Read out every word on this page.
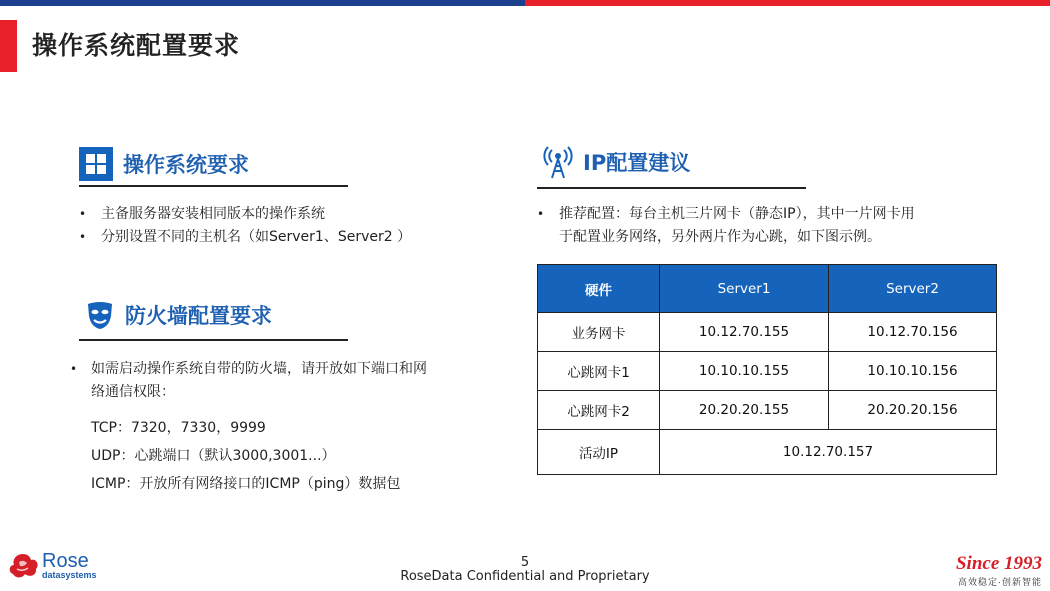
操作系统配置要求
操作系统要求
•	主备服务器安装相同版本的操作系统
•	分别设置不同的主机名（如Server1、Server2 ）
防火墙配置要求
• 如需启动操作系统自带的防火墙，请开放如下端口和网
络通信权限：
TCP：7320，7330，9999
UDP：心跳端口（默认3000,3001...）
ICMP：开放所有网络接口的ICMP（ping）数据包
IP配置建议
•	推荐配置：每台主机三片网卡（静态IP），其中一片网卡用
于配置业务网络，另外两片作为心跳，如下图示例。
硬件	Server1	Server2
业务网卡	10.12.70.155	10.12.70.156
心跳网卡1	10.10.10.155	10.10.10.156
心跳网卡2	20.20.20.155	20.20.20.156
活动IP	10.12.70.157	
Rose
datasystems
5
RoseData Confidential and Proprietary
Since 1993
高效稳定·创新智能
